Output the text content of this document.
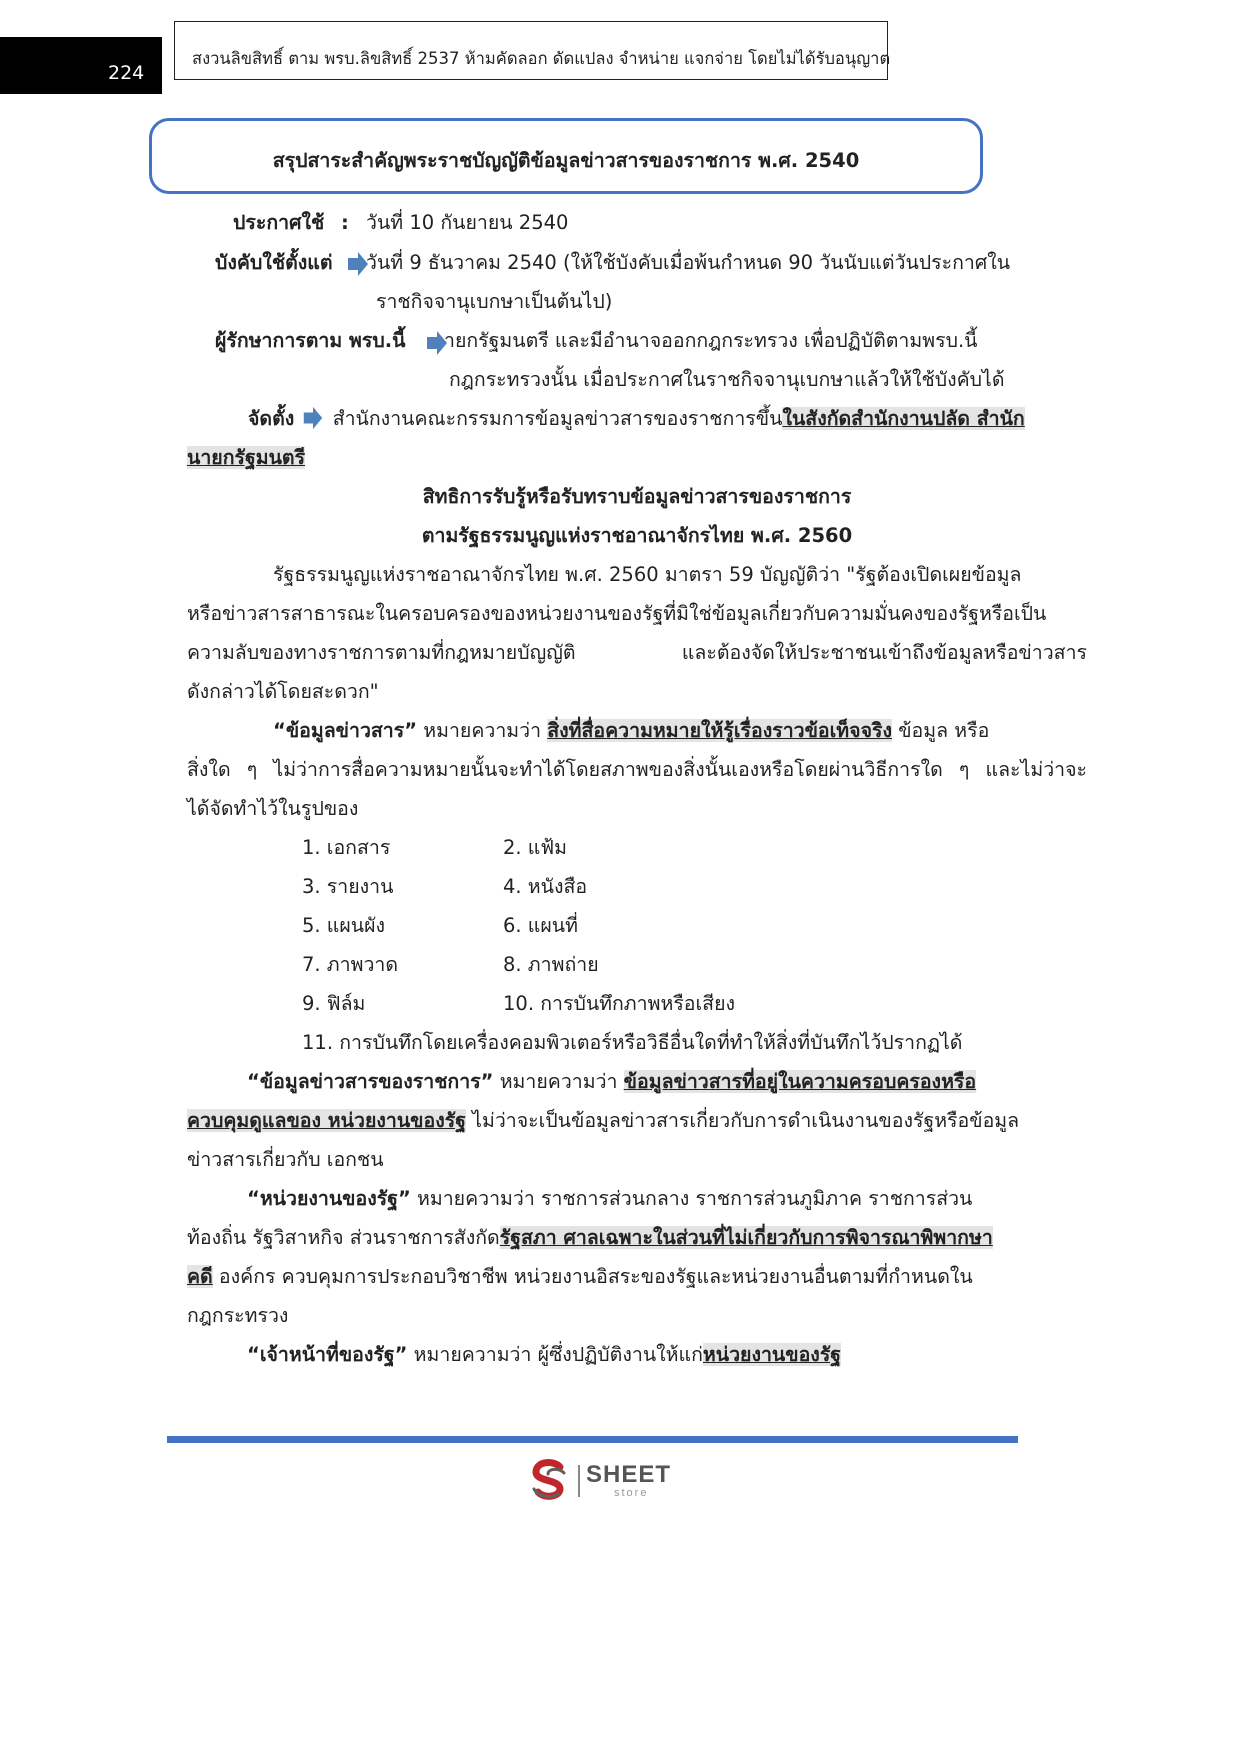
224
สงวนลิขสิทธิ์ ตาม พรบ.ลิขสิทธิ์ 2537 ห้ามคัดลอก ดัดแปลง จำหน่าย แจกจ่าย โดยไม่ได้รับอนุญาต
สรุปสาระสำคัญพระราชบัญญัติข้อมูลข่าวสารของราชการ พ.ศ. 2540
ประกาศใช้ : วันที่ 10 กันยายน 2540
บังคับใช้ตั้งแต่ วันที่ 9 ธันวาคม 2540 (ให้ใช้บังคับเมื่อพ้นกำหนด 90 วันนับแต่วันประกาศใน
ราชกิจจานุเบกษาเป็นต้นไป)
ผู้รักษาการตาม พรบ.นี้ ายกรัฐมนตรี และมีอำนาจออกกฎกระทรวง เพื่อปฏิบัติตามพรบ.นี้
กฎกระทรวงนั้น เมื่อประกาศในราชกิจจานุเบกษาแล้วให้ใช้บังคับได้
จัดตั้ง สำนักงานคณะกรรมการข้อมูลข่าวสารของราชการขึ้นในสังกัดสำนักงานปลัด สำนัก
นายกรัฐมนตรี
สิทธิการรับรู้หรือรับทราบข้อมูลข่าวสารของราชการ
ตามรัฐธรรมนูญแห่งราชอาณาจักรไทย พ.ศ. 2560
รัฐธรรมนูญแห่งราชอาณาจักรไทย พ.ศ. 2560 มาตรา 59 บัญญัติว่า "รัฐต้องเปิดเผยข้อมูล
หรือข่าวสารสาธารณะในครอบครองของหน่วยงานของรัฐที่มิใช่ข้อมูลเกี่ยวกับความมั่นคงของรัฐหรือเป็น
ความลับของทางราชการตามที่กฎหมายบัญญัติ และต้องจัดให้ประชาชนเข้าถึงข้อมูลหรือข่าวสาร
ดังกล่าวได้โดยสะดวก"
“ข้อมูลข่าวสาร” หมายความว่า สิ่งที่สื่อความหมายให้รู้เรื่องราวข้อเท็จจริง ข้อมูล หรือ
สิ่งใด ๆ ไม่ว่าการสื่อความหมายนั้นจะทำได้โดยสภาพของสิ่งนั้นเองหรือโดยผ่านวิธีการใด ๆ และไม่ว่าจะ
ได้จัดทำไว้ในรูปของ
1. เอกสาร	2. แฟ้ม
3. รายงาน	4. หนังสือ
5. แผนผัง	6. แผนที่
7. ภาพวาด	8. ภาพถ่าย
9. ฟิล์ม	10. การบันทึกภาพหรือเสียง
11. การบันทึกโดยเครื่องคอมพิวเตอร์หรือวิธีอื่นใดที่ทำให้สิ่งที่บันทึกไว้ปรากฏได้
“ข้อมูลข่าวสารของราชการ” หมายความว่า ข้อมูลข่าวสารที่อยู่ในความครอบครองหรือ
ควบคุมดูแลของ หน่วยงานของรัฐ ไม่ว่าจะเป็นข้อมูลข่าวสารเกี่ยวกับการดำเนินงานของรัฐหรือข้อมูล
ข่าวสารเกี่ยวกับ เอกชน
“หน่วยงานของรัฐ” หมายความว่า ราชการส่วนกลาง ราชการส่วนภูมิภาค ราชการส่วน
ท้องถิ่น รัฐวิสาหกิจ ส่วนราชการสังกัดรัฐสภา ศาลเฉพาะในส่วนที่ไม่เกี่ยวกับการพิจารณาพิพากษา
คดี องค์กร ควบคุมการประกอบวิชาชีพ หน่วยงานอิสระของรัฐและหน่วยงานอื่นตามที่กำหนดใน
กฎกระทรวง
“เจ้าหน้าที่ของรัฐ” หมายความว่า ผู้ซึ่งปฏิบัติงานให้แก่หน่วยงานของรัฐ
SHEET
store
